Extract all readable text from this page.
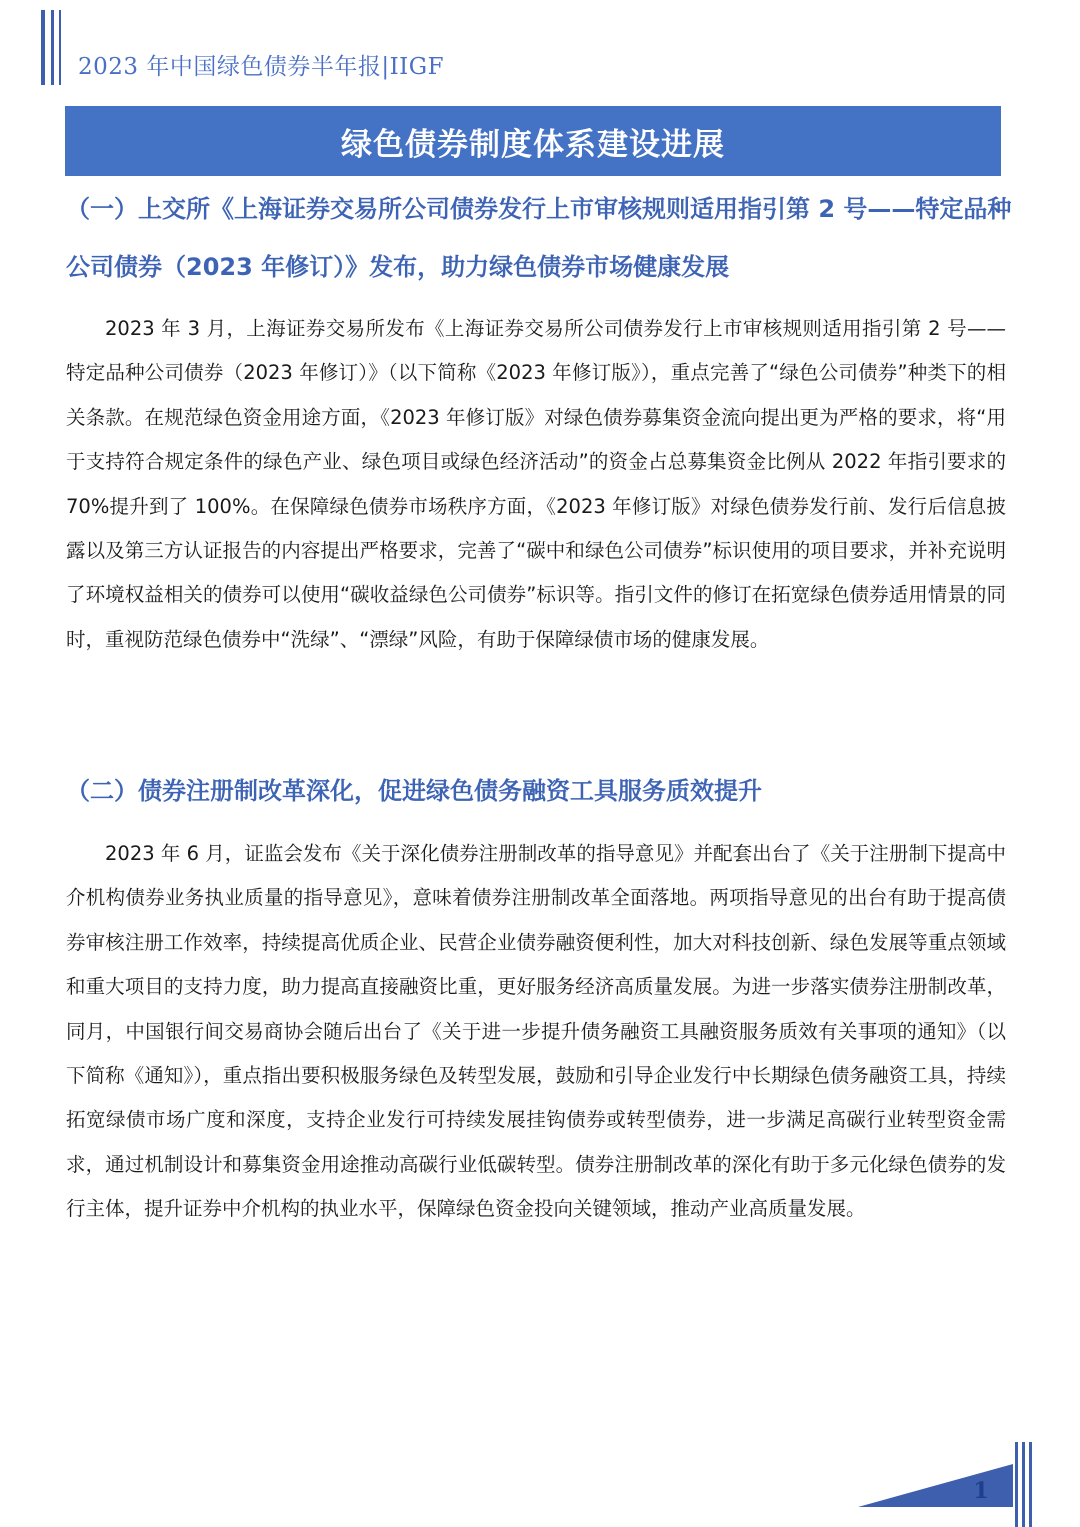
2023 年中国绿色债券半年报|IIGF
绿色债券制度体系建设进展
（一）上交所《上海证券交易所公司债券发行上市审核规则适用指引第 2 号——特定品种公司债券（2023 年修订）》发布，助力绿色债券市场健康发展
2023 年 3 月，上海证券交易所发布《上海证券交易所公司债券发行上市审核规则适用指引第 2 号——特定品种公司债券（2023 年修订）》（以下简称《2023 年修订版》），重点完善了“绿色公司债券”种类下的相关条款。在规范绿色资金用途方面，《2023 年修订版》对绿色债券募集资金流向提出更为严格的要求，将“用于支持符合规定条件的绿色产业、绿色项目或绿色经济活动”的资金占总募集资金比例从 2022 年指引要求的 70%提升到了 100%。在保障绿色债券市场秩序方面，《2023 年修订版》对绿色债券发行前、发行后信息披露以及第三方认证报告的内容提出严格要求，完善了“碳中和绿色公司债券”标识使用的项目要求，并补充说明了环境权益相关的债券可以使用“碳收益绿色公司债券”标识等。指引文件的修订在拓宽绿色债券适用情景的同时，重视防范绿色债券中“洗绿”、“漂绿”风险，有助于保障绿债市场的健康发展。
（二）债券注册制改革深化，促进绿色债务融资工具服务质效提升
2023 年 6 月，证监会发布《关于深化债券注册制改革的指导意见》并配套出台了《关于注册制下提高中介机构债券业务执业质量的指导意见》，意味着债券注册制改革全面落地。两项指导意见的出台有助于提高债券审核注册工作效率，持续提高优质企业、民营企业债券融资便利性，加大对科技创新、绿色发展等重点领域和重大项目的支持力度，助力提高直接融资比重，更好服务经济高质量发展。为进一步落实债券注册制改革，同月，中国银行间交易商协会随后出台了《关于进一步提升债务融资工具融资服务质效有关事项的通知》（以下简称《通知》），重点指出要积极服务绿色及转型发展，鼓励和引导企业发行中长期绿色债务融资工具，持续拓宽绿债市场广度和深度，支持企业发行可持续发展挂钩债券或转型债券，进一步满足高碳行业转型资金需求，通过机制设计和募集资金用途推动高碳行业低碳转型。债券注册制改革的深化有助于多元化绿色债券的发行主体，提升证券中介机构的执业水平，保障绿色资金投向关键领域，推动产业高质量发展。
1
